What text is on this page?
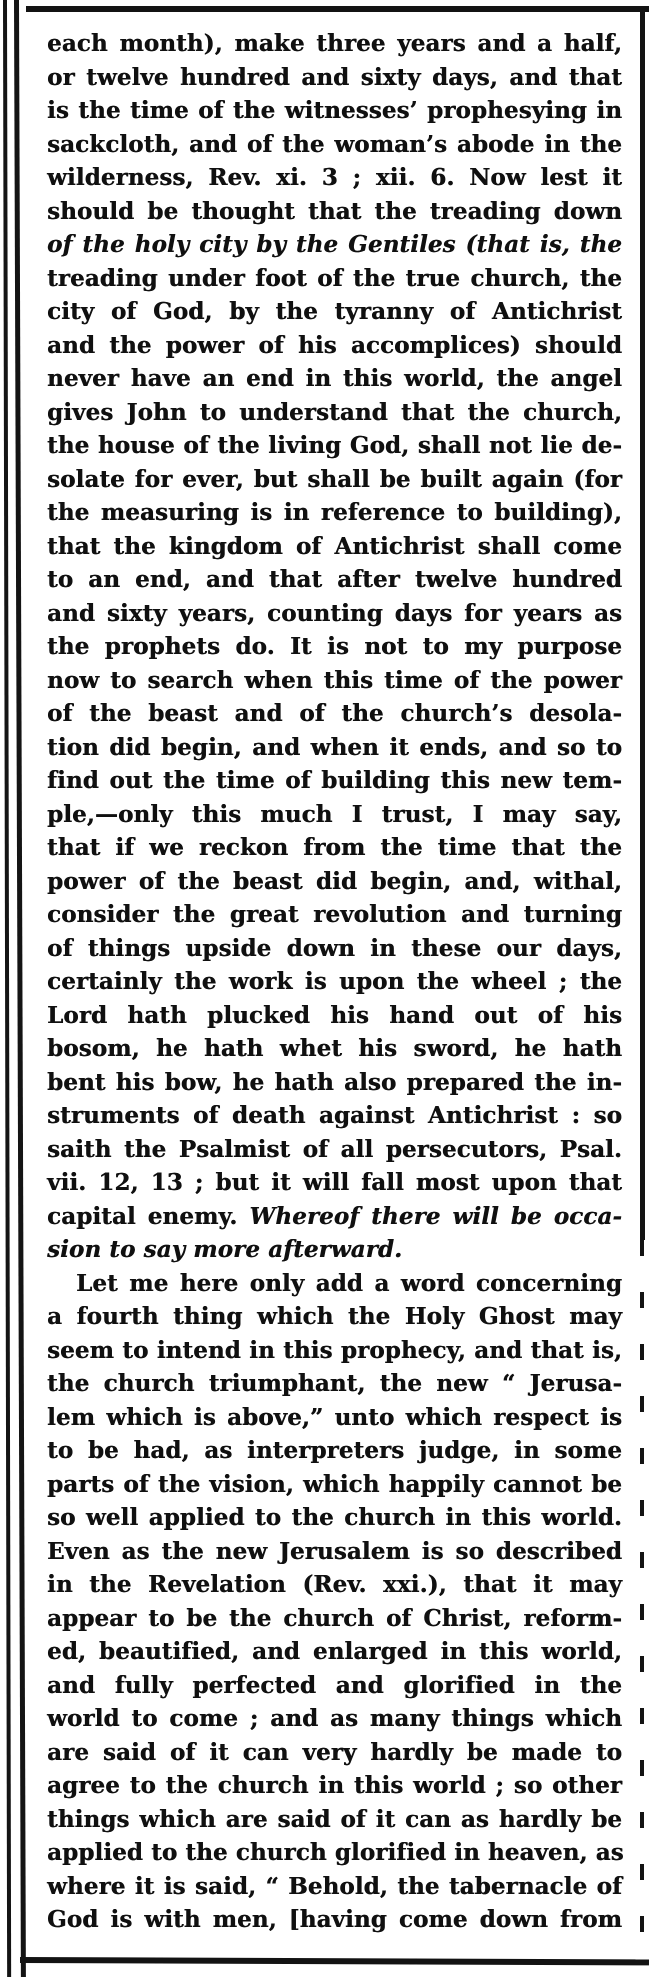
each month), make three years and a half,
or twelve hundred and sixty days, and that
is the time of the witnesses’ prophesying in
sackcloth, and of the woman’s abode in the
wilderness, Rev. xi. 3 ; xii. 6. Now lest it
should be thought that the treading down
of the holy city by the Gentiles (that is, the
treading under foot of the true church, the
city of God, by the tyranny of Antichrist
and the power of his accomplices) should
never have an end in this world, the angel
gives John to understand that the church,
the house of the living God, shall not lie de-
solate for ever, but shall be built again (for
the measuring is in reference to building),
that the kingdom of Antichrist shall come
to an end, and that after twelve hundred
and sixty years, counting days for years as
the prophets do. It is not to my purpose
now to search when this time of the power
of the beast and of the church’s desola-
tion did begin, and when it ends, and so to
find out the time of building this new tem-
ple,—only this much I trust, I may say,
that if we reckon from the time that the
power of the beast did begin, and, withal,
consider the great revolution and turning
of things upside down in these our days,
certainly the work is upon the wheel ; the
Lord hath plucked his hand out of his
bosom, he hath whet his sword, he hath
bent his bow, he hath also prepared the in-
struments of death against Antichrist : so
saith the Psalmist of all persecutors, Psal.
vii. 12, 13 ; but it will fall most upon that
capital enemy. Whereof there will be occa-
sion to say more afterward.
Let me here only add a word concerning
a fourth thing which the Holy Ghost may
seem to intend in this prophecy, and that is,
the church triumphant, the new “ Jerusa-
lem which is above,” unto which respect is
to be had, as interpreters judge, in some
parts of the vision, which happily cannot be
so well applied to the church in this world.
Even as the new Jerusalem is so described
in the Revelation (Rev. xxi.), that it may
appear to be the church of Christ, reform-
ed, beautified, and enlarged in this world,
and fully perfected and glorified in the
world to come ; and as many things which
are said of it can very hardly be made to
agree to the church in this world ; so other
things which are said of it can as hardly be
applied to the church glorified in heaven, as
where it is said, “ Behold, the tabernacle of
God is with men, [having come down from
